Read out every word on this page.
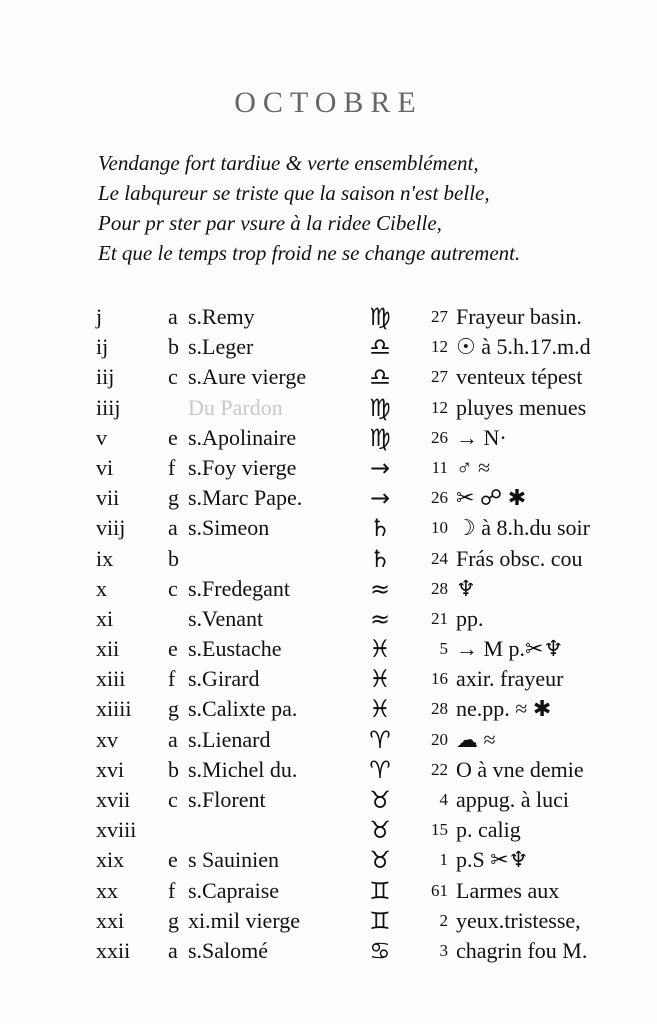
OCTOBRE
Vendange fort tardiue & verte ensemblément,
Le labqureur se triste que la saison n'est belle,
Pour pr ster par vsure à la ridee Cibelle,
Et que le temps trop froid ne se change autrement.
j	a s.Remy	♍	27 Frayeur basin.
ij	b s.Leger	♎	12 ☉ à 5.h.17.m.d
iij	c s.Aure vierge	♎	27 venteux tépest
iiij	Du Pardon	♍	12 pluyes menues
v	e s.Apolinaire	♍	26 → N·
vi	f s.Foy vierge	→	11 ♂ ≈
vii	g s.Marc Pape.	→	26 ✂ ☍ ✱
viij	a s.Simeon	♄	10 ☽ à 8.h.du soir
ix	b	♄	24 Frás obsc. cou
x	c s.Fredegant	≈	28 ♆
xi	s.Venant	≈	21 pp.
xii	e s.Eustache	♓	5 → M p.✂♆
xiii	f s.Girard	♓	16 axir. frayeur
xiiii	g s.Calixte pa.	♓	28 ne.pp. ≈ ✱
xv	a s.Lienard	♈	20 ☁ ≈
xvi	b s.Michel du.	♈	22 O à vne demie
xvii	c s.Florent	♉	4 appug. à luci
xviii	♉	15 p. calig
xix	e s Sauinien	♉	1 p.S ✂♆
xx	f s.Capraise	♊	61 Larmes aux
xxi	g xi.mil vierge	♊	2 yeux.tristesse,
xxii	a s.Salomé	♋	3 chagrin fou M.
